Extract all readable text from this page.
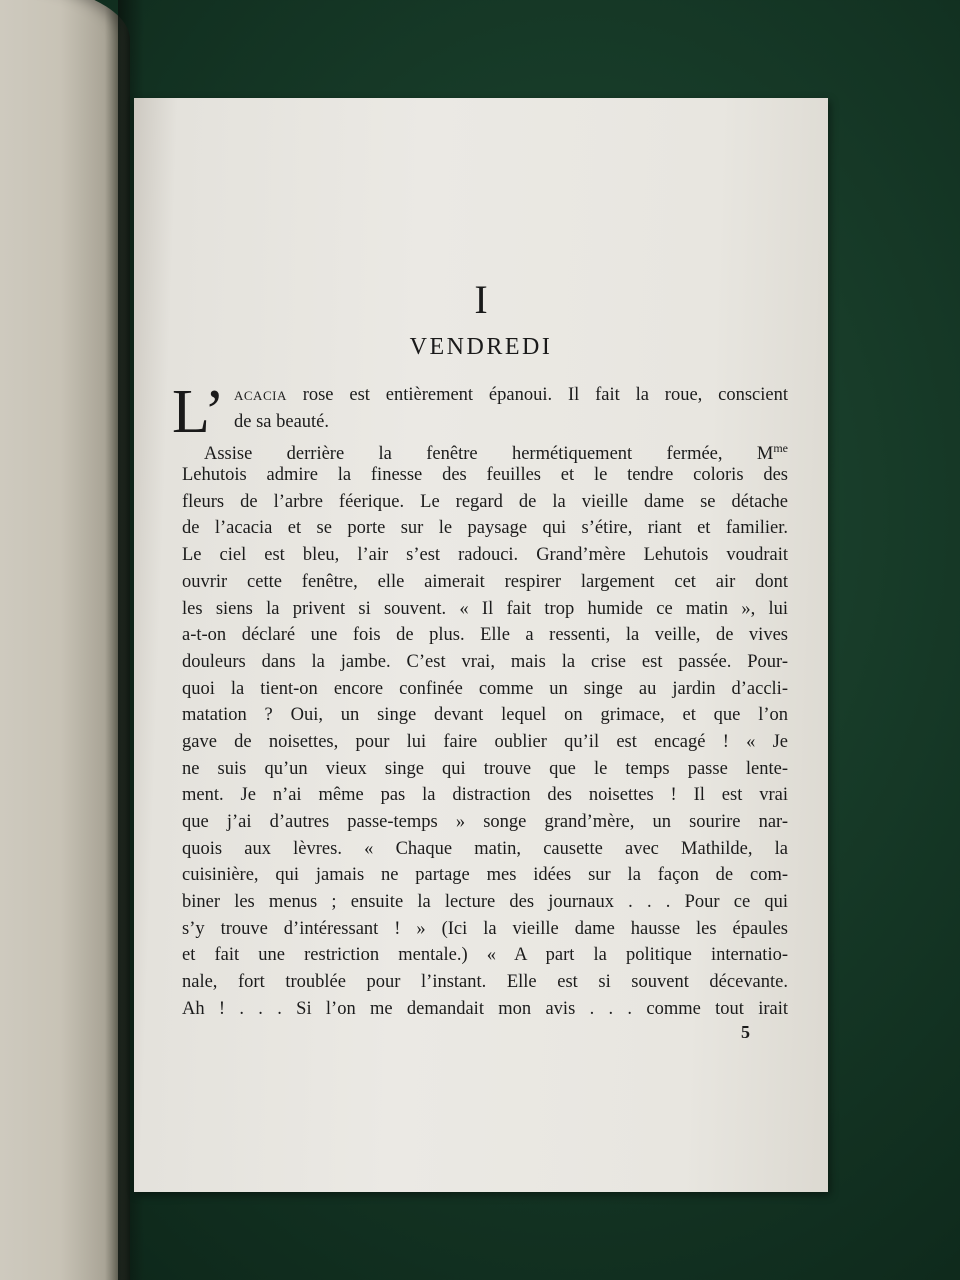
I
VENDREDI
L’ ACACIA rose est entièrement épanoui. Il fait la roue, conscient
de sa beauté.
Assise derrière la fenêtre hermétiquement fermée, $M^{me}$
Lehutois admire la finesse des feuilles et le tendre coloris des
fleurs de l’arbre féerique. Le regard de la vieille dame se détache
de l’acacia et se porte sur le paysage qui s’étire, riant et familier.
Le ciel est bleu, l’air s’est radouci. Grand’mère Lehutois voudrait
ouvrir cette fenêtre, elle aimerait respirer largement cet air dont
les siens la privent si souvent. « Il fait trop humide ce matin », lui
a-t-on déclaré une fois de plus. Elle a ressenti, la veille, de vives
douleurs dans la jambe. C’est vrai, mais la crise est passée. Pour-
quoi la tient-on encore confinée comme un singe au jardin d’accli-
matation ? Oui, un singe devant lequel on grimace, et que l’on
gave de noisettes, pour lui faire oublier qu’il est encagé ! « Je
ne suis qu’un vieux singe qui trouve que le temps passe lente-
ment. Je n’ai même pas la distraction des noisettes ! Il est vrai
que j’ai d’autres passe-temps » songe grand’mère, un sourire nar-
quois aux lèvres. « Chaque matin, causette avec Mathilde, la
cuisinière, qui jamais ne partage mes idées sur la façon de com-
biner les menus ; ensuite la lecture des journaux . . . Pour ce qui
s’y trouve d’intéressant ! » (Ici la vieille dame hausse les épaules
et fait une restriction mentale.) « A part la politique internatio-
nale, fort troublée pour l’instant. Elle est si souvent décevante.
Ah ! . . . Si l’on me demandait mon avis . . . comme tout irait
5
